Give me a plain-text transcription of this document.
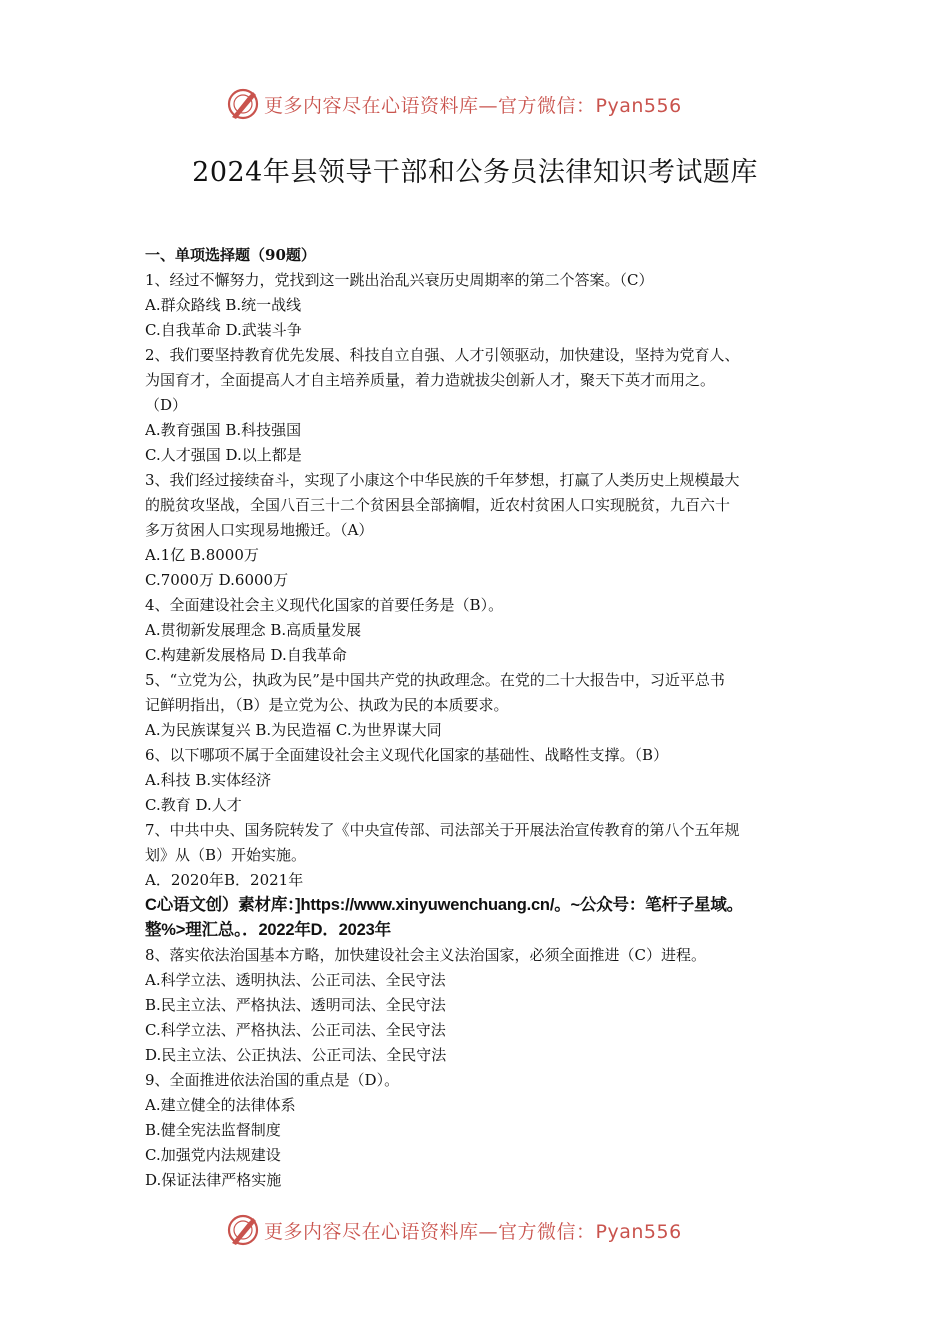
更多内容尽在心语资料库—官方微信：Pyan556
2024年县领导干部和公务员法律知识考试题库
一、单项选择题（90题）
1、经过不懈努力，党找到这一跳出治乱兴衰历史周期率的第二个答案。（C）
A.群众路线 B.统一战线
C.自我革命 D.武装斗争
2、我们要坚持教育优先发展、科技自立自强、人才引领驱动，加快建设，坚持为党育人、
为国育才，全面提高人才自主培养质量，着力造就拔尖创新人才，聚天下英才而用之。
（D）
A.教育强国 B.科技强国
C.人才强国 D.以上都是
3、我们经过接续奋斗，实现了小康这个中华民族的千年梦想，打赢了人类历史上规模最大
的脱贫攻坚战，全国八百三十二个贫困县全部摘帽，近农村贫困人口实现脱贫，九百六十
多万贫困人口实现易地搬迁。（A）
A.1亿 B.8000万
C.7000万 D.6000万
4、全面建设社会主义现代化国家的首要任务是（B）。
A.贯彻新发展理念 B.高质量发展
C.构建新发展格局 D.自我革命
5、“立党为公，执政为民”是中国共产党的执政理念。在党的二十大报告中，习近平总书
记鲜明指出，（B）是立党为公、执政为民的本质要求。
A.为民族谋复兴 B.为民造福 C.为世界谋大同
6、以下哪项不属于全面建设社会主义现代化国家的基础性、战略性支撑。（B）
A.科技 B.实体经济
C.教育 D.人才
7、中共中央、国务院转发了《中央宣传部、司法部关于开展法治宣传教育的第八个五年规
划》从（B）开始实施。
A．2020年B．2021年
C心语文创）素材库：]https://www.xinyuwenchuang.cn/。~公众号：笔杆子星域。
整%>理汇总。．2022年D．2023年
8、落实依法治国基本方略，加快建设社会主义法治国家，必须全面推进（C）进程。
A.科学立法、透明执法、公正司法、全民守法
B.民主立法、严格执法、透明司法、全民守法
C.科学立法、严格执法、公正司法、全民守法
D.民主立法、公正执法、公正司法、全民守法
9、全面推进依法治国的重点是（D）。
A.建立健全的法律体系
B.健全宪法监督制度
C.加强党内法规建设
D.保证法律严格实施
更多内容尽在心语资料库—官方微信：Pyan556
